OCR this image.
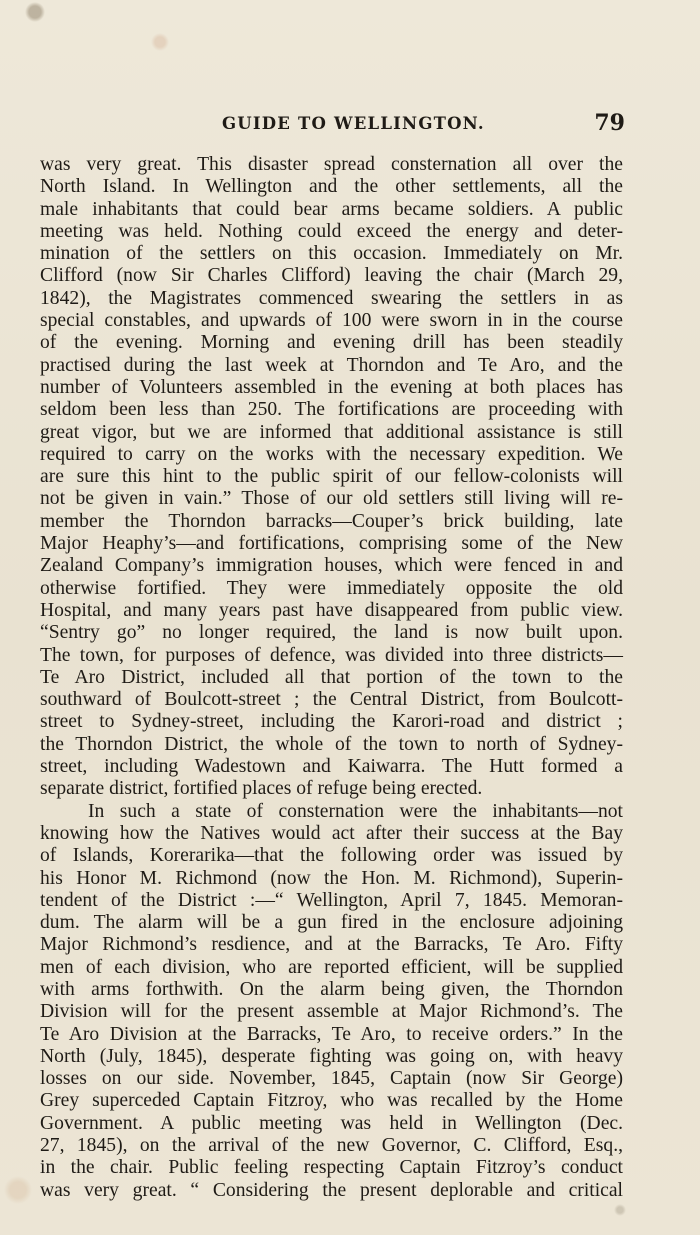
GUIDE TO WELLINGTON.	79
was very great. This disaster spread consternation all over the
North Island. In Wellington and the other settlements, all the
male inhabitants that could bear arms became soldiers. A public
meeting was held. Nothing could exceed the energy and deter-
mination of the settlers on this occasion. Immediately on Mr.
Clifford (now Sir Charles Clifford) leaving the chair (March 29,
1842), the Magistrates commenced swearing the settlers in as
special constables, and upwards of 100 were sworn in in the course
of the evening. Morning and evening drill has been steadily
practised during the last week at Thorndon and Te Aro, and the
number of Volunteers assembled in the evening at both places has
seldom been less than 250. The fortifications are proceeding with
great vigor, but we are informed that additional assistance is still
required to carry on the works with the necessary expedition. We
are sure this hint to the public spirit of our fellow-colonists will
not be given in vain.” Those of our old settlers still living will re-
member the Thorndon barracks—Couper’s brick building, late
Major Heaphy’s—and fortifications, comprising some of the New
Zealand Company’s immigration houses, which were fenced in and
otherwise fortified. They were immediately opposite the old
Hospital, and many years past have disappeared from public view.
“Sentry go” no longer required, the land is now built upon.
The town, for purposes of defence, was divided into three districts—
Te Aro District, included all that portion of the town to the
southward of Boulcott-street ; the Central District, from Boulcott-
street to Sydney-street, including the Karori-road and district ;
the Thorndon District, the whole of the town to north of Sydney-
street, including Wadestown and Kaiwarra. The Hutt formed a
separate district, fortified places of refuge being erected.
In such a state of consternation were the inhabitants—not
knowing how the Natives would act after their success at the Bay
of Islands, Korerarika—that the following order was issued by
his Honor M. Richmond (now the Hon. M. Richmond), Superin-
tendent of the District :—“ Wellington, April 7, 1845. Memoran-
dum. The alarm will be a gun fired in the enclosure adjoining
Major Richmond’s resdience, and at the Barracks, Te Aro. Fifty
men of each division, who are reported efficient, will be supplied
with arms forthwith. On the alarm being given, the Thorndon
Division will for the present assemble at Major Richmond’s. The
Te Aro Division at the Barracks, Te Aro, to receive orders.” In the
North (July, 1845), desperate fighting was going on, with heavy
losses on our side. November, 1845, Captain (now Sir George)
Grey superceded Captain Fitzroy, who was recalled by the Home
Government. A public meeting was held in Wellington (Dec.
27, 1845), on the arrival of the new Governor, C. Clifford, Esq.,
in the chair. Public feeling respecting Captain Fitzroy’s conduct
was very great. “ Considering the present deplorable and critical
